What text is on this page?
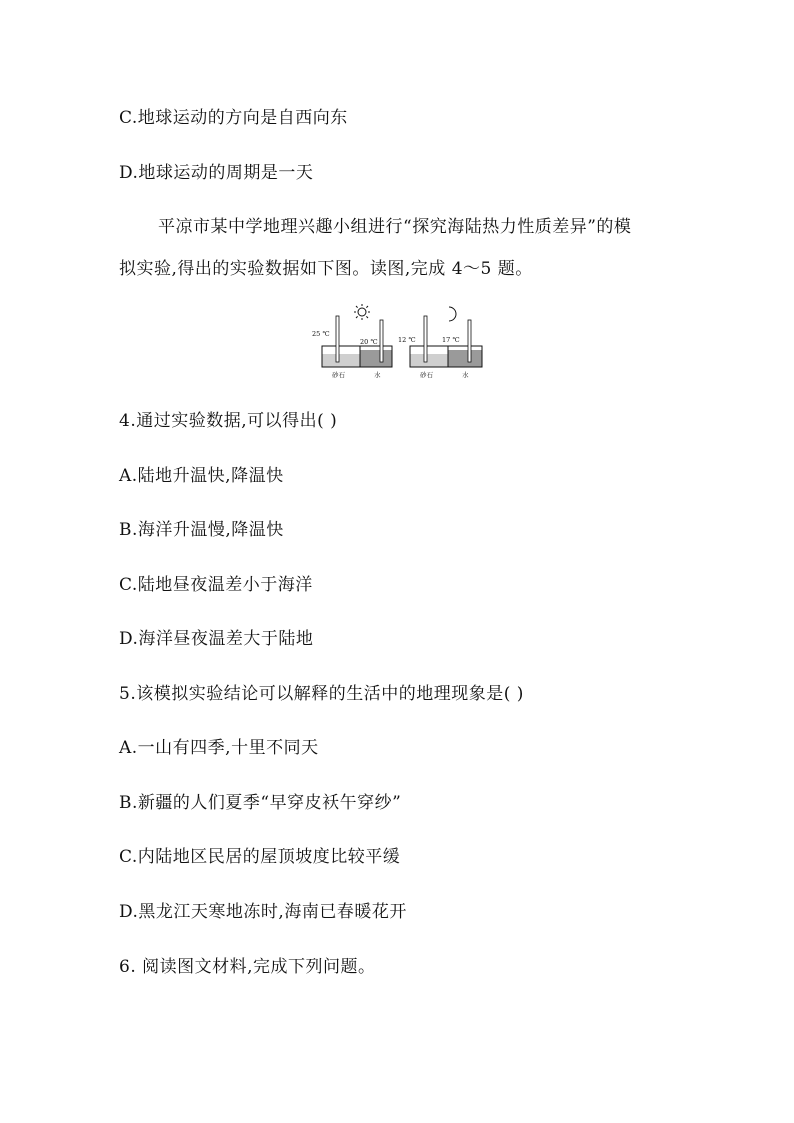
C.地球运动的方向是自西向东
D.地球运动的周期是一天
平凉市某中学地理兴趣小组进行“探究海陆热力性质差异”的模
拟实验,得出的实验数据如下图。读图,完成 4～5 题。
25 ℃
20 ℃
砂石	水
12 ℃	17 ℃
砂石	水
4.通过实验数据,可以得出( )
A.陆地升温快,降温快
B.海洋升温慢,降温快
C.陆地昼夜温差小于海洋
D.海洋昼夜温差大于陆地
5.该模拟实验结论可以解释的生活中的地理现象是( )
A.一山有四季,十里不同天
B.新疆的人们夏季“早穿皮袄午穿纱”
C.内陆地区民居的屋顶坡度比较平缓
D.黑龙江天寒地冻时,海南已春暖花开
6. 阅读图文材料,完成下列问题。
